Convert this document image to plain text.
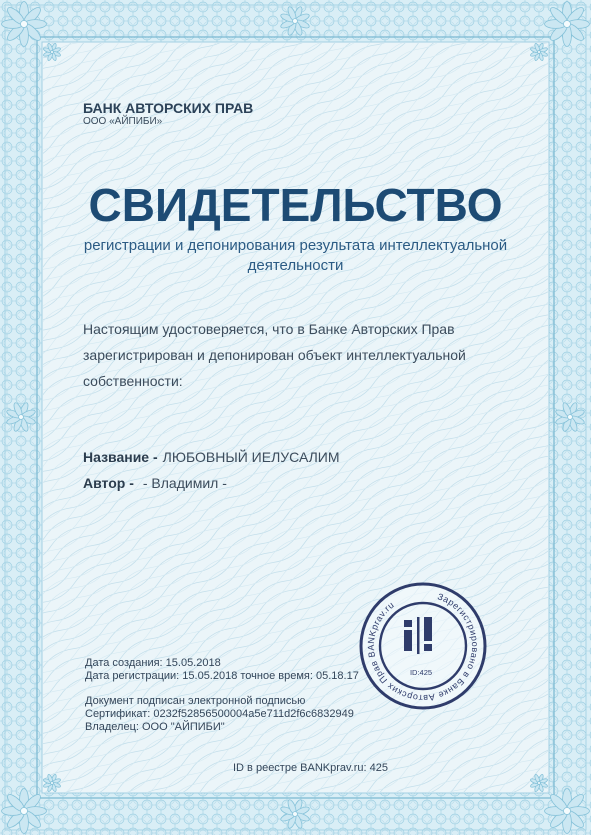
БАНК АВТОРСКИХ ПРАВ
ООО «АЙПИБИ»
СВИДЕТЕЛЬСТВО
регистрации и депонирования результата интеллектуальной
деятельности
Настоящим удостоверяется, что в Банке Авторских Прав
зарегистрирован и депонирован объект интеллектуальной
собственности:
Название - ЛЮБОВНЫЙ ИЕЛУСАЛИМ
Автор - - Владимил -
Дата создания: 15.05.2018
Дата регистрации: 15.05.2018 точное время: 05.18.17
Документ подписан электронной подписью
Сертификат: 0232f52856500004a5e711d2f6c6832949
Владелец: ООО "АЙПИБИ"
ID в реестре BANKprav.ru: 425
Зарегистрировано в Банке Авторских Прав BANKprav.ru
ID:425
